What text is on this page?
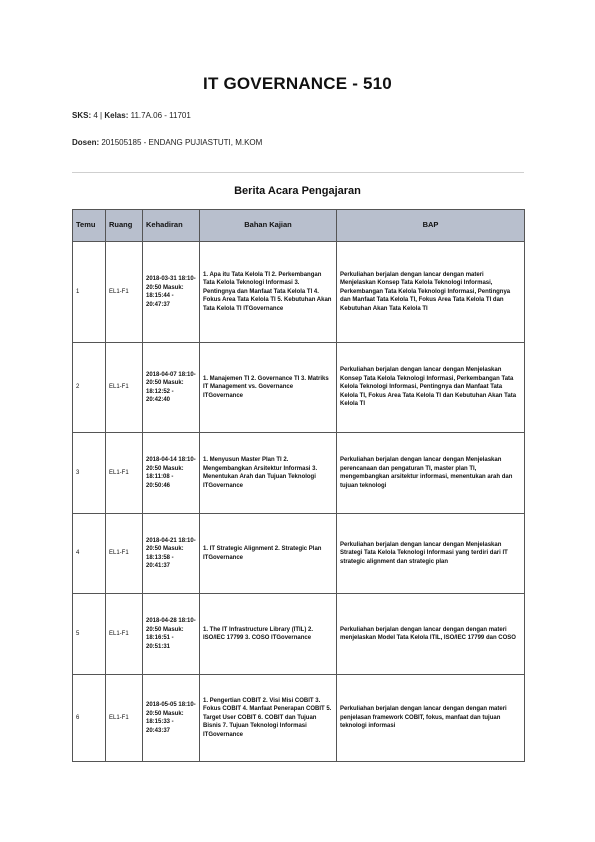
IT GOVERNANCE - 510
SKS: 4 | Kelas: 11.7A.06 - 11701
Dosen: 201505185 - ENDANG PUJIASTUTI, M.KOM
Berita Acara Pengajaran
Temu	Ruang	Kehadiran	Bahan Kajian	BAP
1	EL1-F1	2018-03-31 18:10-20:50 Masuk: 18:15:44 - 20:47:37	1. Apa itu Tata Kelola TI 2. Perkembangan Tata Kelola Teknologi Informasi 3. Pentingnya dan Manfaat Tata Kelola TI 4. Fokus Area Tata Kelola TI 5. Kebutuhan Akan Tata Kelola TI ITGovernance	Perkuliahan berjalan dengan lancar dengan materi Menjelaskan Konsep Tata Kelola Teknologi Informasi, Perkembangan Tata Kelola Teknologi Informasi, Pentingnya dan Manfaat Tata Kelola TI, Fokus Area Tata Kelola TI dan Kebutuhan Akan Tata Kelola TI
2	EL1-F1	2018-04-07 18:10-20:50 Masuk: 18:12:52 - 20:42:40	1. Manajemen TI 2. Governance TI 3. Matriks IT Management vs. Governance ITGovernance	Perkuliahan berjalan dengan lancar dengan Menjelaskan Konsep Tata Kelola Teknologi Informasi, Perkembangan Tata Kelola Teknologi Informasi, Pentingnya dan Manfaat Tata Kelola TI, Fokus Area Tata Kelola TI dan Kebutuhan Akan Tata Kelola TI
3	EL1-F1	2018-04-14 18:10-20:50 Masuk: 18:11:08 - 20:50:46	1. Menyusun Master Plan TI 2. Mengembangkan Arsitektur Informasi 3. Menentukan Arah dan Tujuan Teknologi ITGovernance	Perkuliahan berjalan dengan lancar dengan Menjelaskan perencanaan dan pengaturan TI, master plan TI, mengembangkan arsitektur informasi, menentukan arah dan tujuan teknologi
4	EL1-F1	2018-04-21 18:10-20:50 Masuk: 18:13:58 - 20:41:37	1. IT Strategic Alignment 2. Strategic Plan ITGovernance	Perkuliahan berjalan dengan lancar dengan Menjelaskan Strategi Tata Kelola Teknologi Informasi yang terdiri dari IT strategic alignment dan strategic plan
5	EL1-F1	2018-04-28 18:10-20:50 Masuk: 18:16:51 - 20:51:31	1. The IT Infrastructure Library (ITIL) 2. ISO/IEC 17799 3. COSO ITGovernance	Perkuliahan berjalan dengan lancar dengan dengan materi menjelaskan Model Tata Kelola ITIL, ISO/IEC 17799 dan COSO
6	EL1-F1	2018-05-05 18:10-20:50 Masuk: 18:15:33 - 20:43:37	1. Pengertian COBIT 2. Visi Misi COBIT 3. Fokus COBIT 4. Manfaat Penerapan COBIT 5. Target User COBIT 6. COBIT dan Tujuan Bisnis 7. Tujuan Teknologi Informasi ITGovernance	Perkuliahan berjalan dengan lancar dengan dengan materi penjelasan framework COBIT, fokus, manfaat dan tujuan teknologi informasi
